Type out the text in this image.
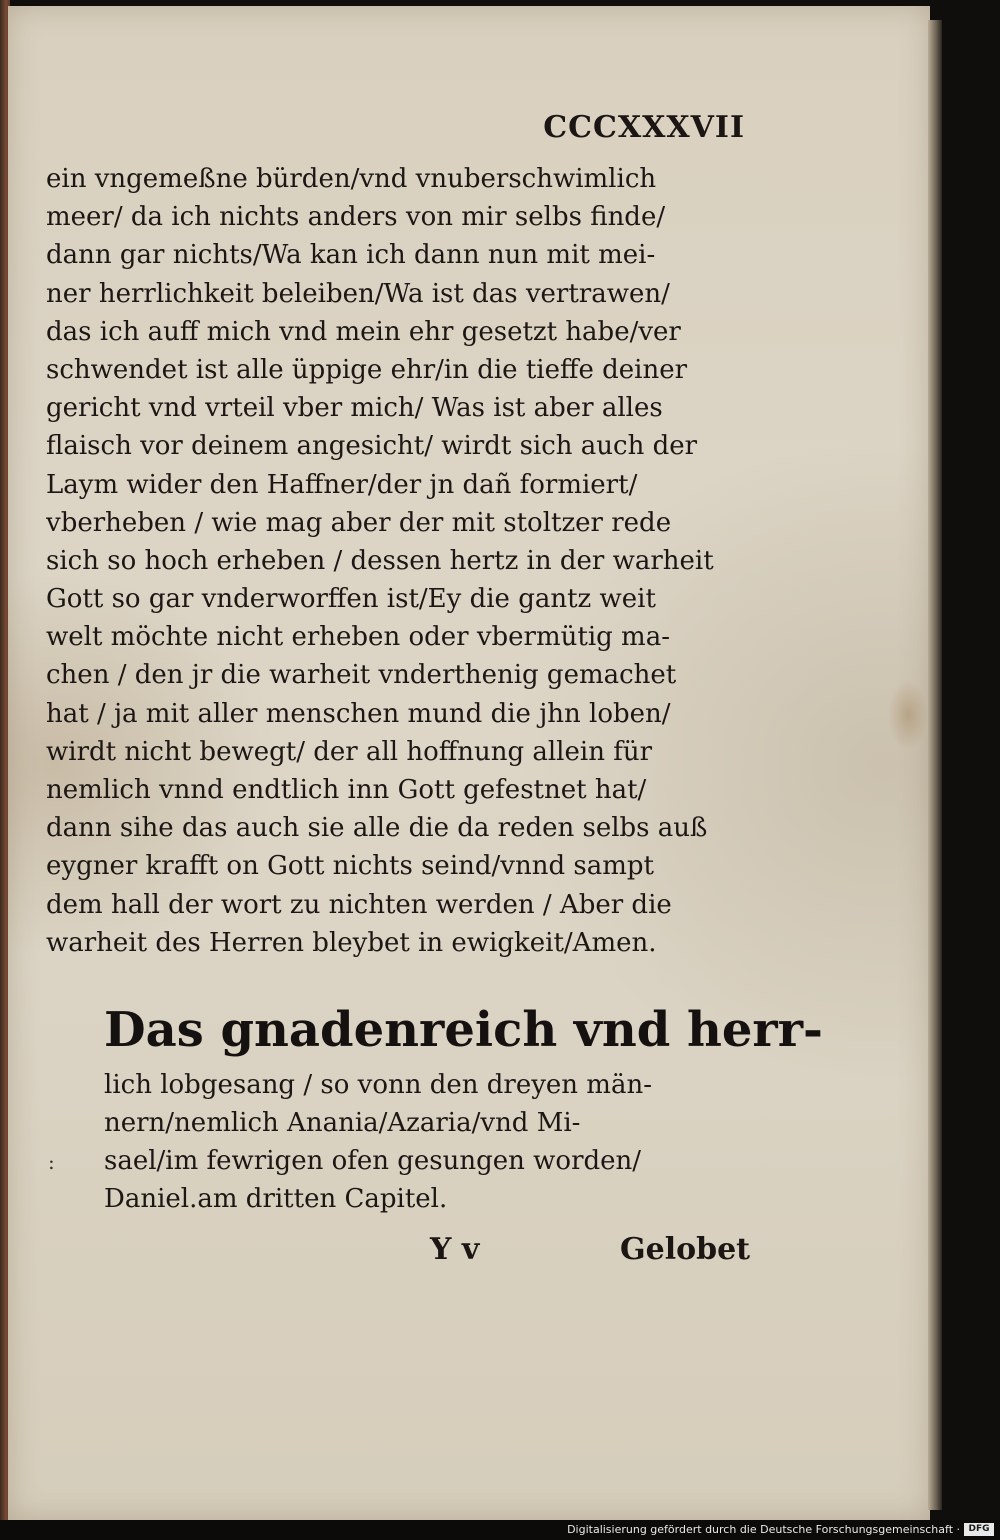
CCCXXXVII
ein vngemeßne bürden/vnd vnuberschwimlich
meer/ da ich nichts anders von mir selbs finde/
dann gar nichts/Wa kan ich dann nun mit mei-
ner herrlichkeit beleiben/Wa ist das vertrawen/
das ich auff mich vnd mein ehr gesetzt habe/ver
schwendet ist alle üppige ehr/in die tieffe deiner
gericht vnd vrteil vber mich/ Was ist aber alles
flaisch vor deinem angesicht/ wirdt sich auch der
Laym wider den Haffner/der jn dañ formiert/
vberheben / wie mag aber der mit stoltzer rede
sich so hoch erheben / dessen hertz in der warheit
Gott so gar vnderworffen ist/Ey die gantz weit
welt möchte nicht erheben oder vbermütig ma-
chen / den jr die warheit vnderthenig gemachet
hat / ja mit aller menschen mund die jhn loben/
wirdt nicht bewegt/ der all hoffnung allein für
nemlich vnnd endtlich inn Gott gefestnet hat/
dann sihe das auch sie alle die da reden selbs auß
eygner krafft on Gott nichts seind/vnnd sampt
dem hall der wort zu nichten werden / Aber die
warheit des Herren bleybet in ewigkeit/Amen.
Das gnadenreich vnd herr-
lich lobgesang / so vonn den dreyen män-
nern/nemlich Anania/Azaria/vnd Mi-
sael/im fewrigen ofen gesungen worden/
Daniel.am dritten Capitel.
:
Y v	Gelobet
Digitalisierung gefördert durch die Deutsche Forschungsgemeinschaft · DFG
